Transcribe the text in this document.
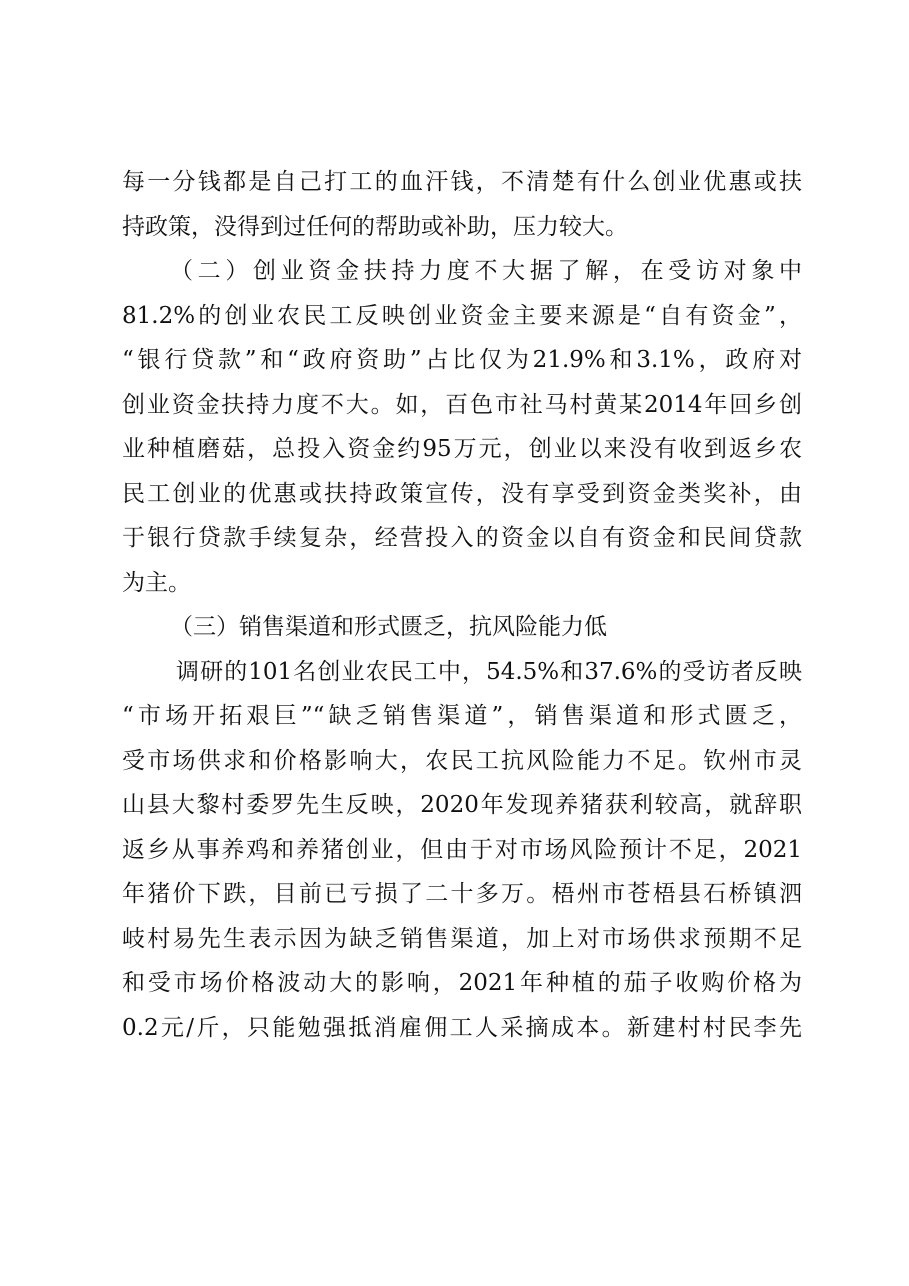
每一分钱都是自己打工的血汗钱，不清楚有什么创业优惠或扶
持政策，没得到过任何的帮助或补助，压力较大。
（二）创业资金扶持力度不大据了解，在受访对象中
81.2%的创业农民工反映创业资金主要来源是“自有资金”，
“银行贷款”和“政府资助”占比仅为21.9%和3.1%，政府对
创业资金扶持力度不大。如，百色市社马村黄某2014年回乡创
业种植磨菇，总投入资金约95万元，创业以来没有收到返乡农
民工创业的优惠或扶持政策宣传，没有享受到资金类奖补，由
于银行贷款手续复杂，经营投入的资金以自有资金和民间贷款
为主。
（三）销售渠道和形式匮乏，抗风险能力低
调研的101名创业农民工中，54.5%和37.6%的受访者反映
“市场开拓艰巨”“缺乏销售渠道”，销售渠道和形式匮乏，
受市场供求和价格影响大，农民工抗风险能力不足。钦州市灵
山县大黎村委罗先生反映，2020年发现养猪获利较高，就辞职
返乡从事养鸡和养猪创业，但由于对市场风险预计不足，2021
年猪价下跌，目前已亏损了二十多万。梧州市苍梧县石桥镇泗
岐村易先生表示因为缺乏销售渠道，加上对市场供求预期不足
和受市场价格波动大的影响，2021年种植的茄子收购价格为
0.2元/斤，只能勉强抵消雇佣工人采摘成本。新建村村民李先
